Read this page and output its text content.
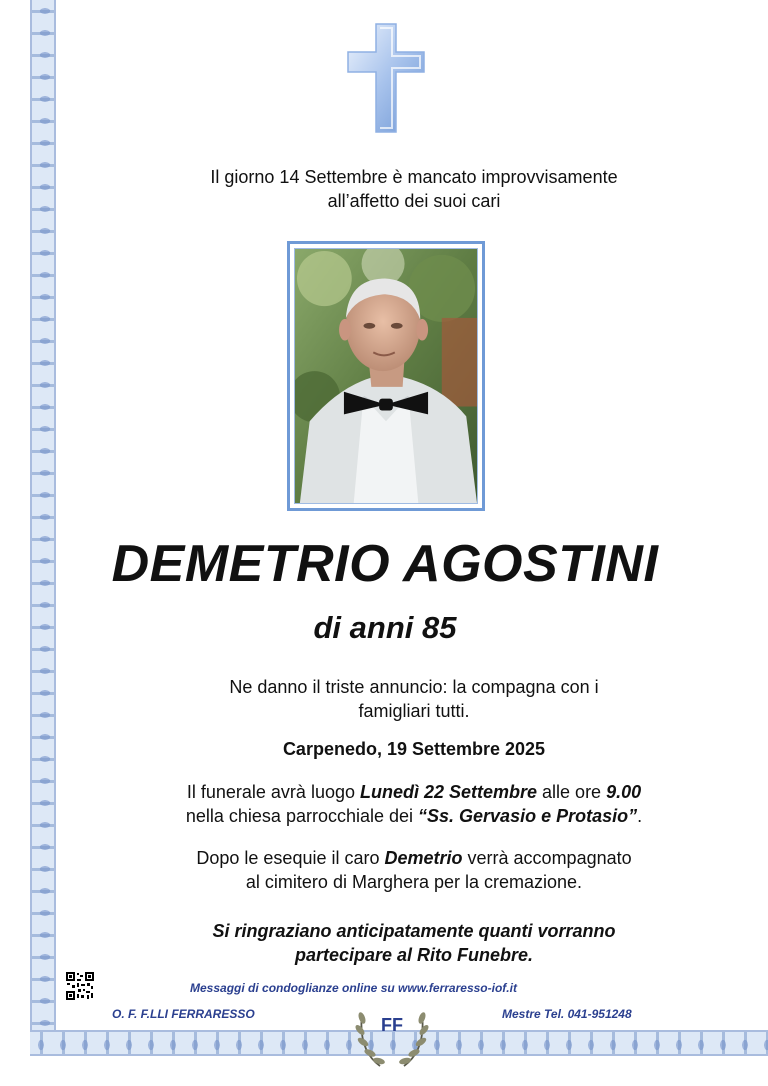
Il giorno 14 Settembre è mancato improvvisamente
all’affetto dei suoi cari
DEMETRIO AGOSTINI
di anni 85
Ne danno il triste annuncio: la compagna con i
famigliari tutti.
Carpenedo, 19 Settembre 2025
Il funerale avrà luogo Lunedì 22 Settembre alle ore 9.00
nella chiesa parrocchiale dei “Ss. Gervasio e Protasio”.
Dopo le esequie il caro Demetrio verrà accompagnato
al cimitero di Marghera per la cremazione.
Si ringraziano anticipatamente quanti vorranno
partecipare al Rito Funebre.
Messaggi di condoglianze online su www.ferraresso-iof.it
O. F. F.LLI FERRARESSO	Mestre Tel. 041-951248
FF
